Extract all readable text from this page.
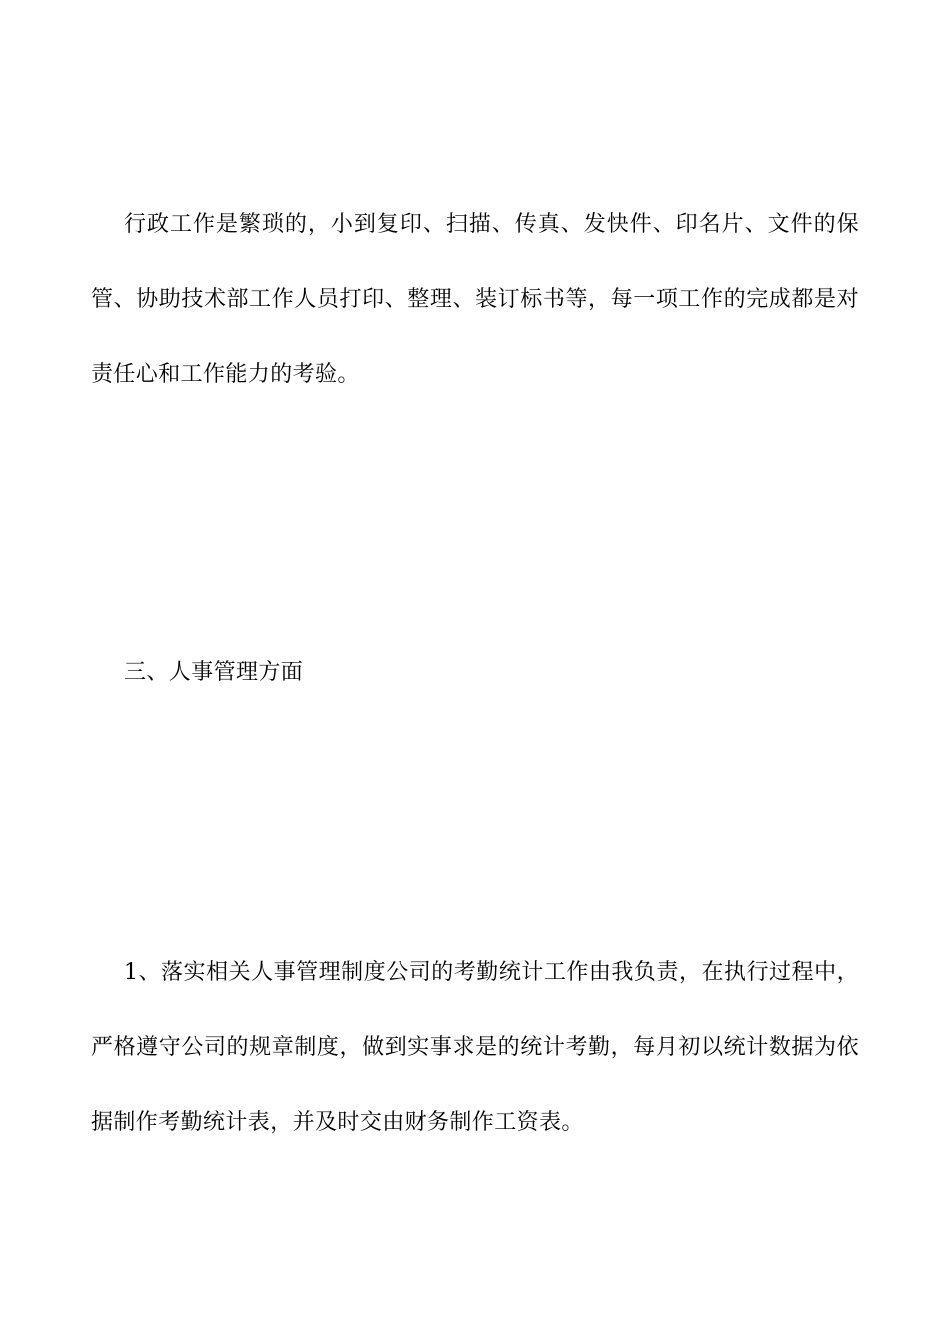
行政工作是繁琐的，小到复印、扫描、传真、发快件、印名片、文件的保管、协助技术部工作人员打印、整理、装订标书等，每一项工作的完成都是对责任心和工作能力的考验。

三、人事管理方面

1、落实相关人事管理制度公司的考勤统计工作由我负责，在执行过程中，严格遵守公司的规章制度，做到实事求是的统计考勤，每月初以统计数据为依据制作考勤统计表，并及时交由财务制作工资表。
